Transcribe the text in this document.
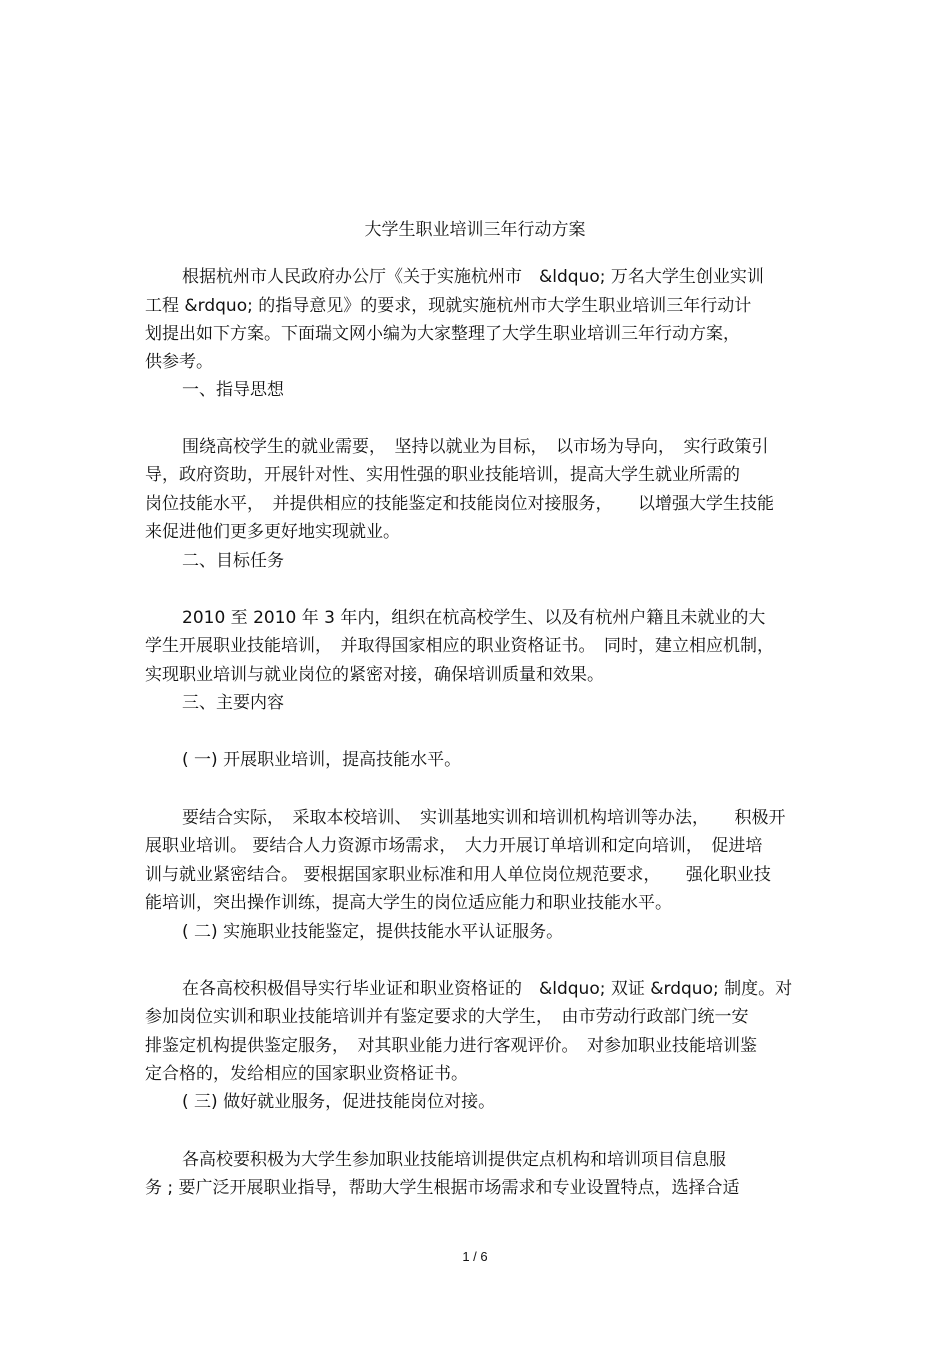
大学生职业培训三年行动方案
根据杭州市人民政府办公厅《关于实施杭州市　&ldquo; 万名大学生创业实训
工程 &rdquo; 的指导意见》的要求，现就实施杭州市大学生职业培训三年行动计
划提出如下方案。下面瑞文网小编为大家整理了大学生职业培训三年行动方案，
供参考。
一、指导思想
围绕高校学生的就业需要，　坚持以就业为目标，　以市场为导向，　实行政策引
导，政府资助，开展针对性、实用性强的职业技能培训，提高大学生就业所需的
岗位技能水平，　并提供相应的技能鉴定和技能岗位对接服务，　　以增强大学生技能
来促进他们更多更好地实现就业。
二、目标任务
2010 至 2010 年 3 年内，组织在杭高校学生、以及有杭州户籍且未就业的大
学生开展职业技能培训，　并取得国家相应的职业资格证书。　同时，建立相应机制，
实现职业培训与就业岗位的紧密对接，确保培训质量和效果。
三、主要内容
( 一) 开展职业培训，提高技能水平。
要结合实际，　采取本校培训、　实训基地实训和培训机构培训等办法，　　积极开
展职业培训。 要结合人力资源市场需求，　大力开展订单培训和定向培训，　促进培
训与就业紧密结合。 要根据国家职业标准和用人单位岗位规范要求，　　强化职业技
能培训，突出操作训练，提高大学生的岗位适应能力和职业技能水平。
( 二) 实施职业技能鉴定，提供技能水平认证服务。
在各高校积极倡导实行毕业证和职业资格证的　&ldquo; 双证 &rdquo; 制度。对
参加岗位实训和职业技能培训并有鉴定要求的大学生，　由市劳动行政部门统一安
排鉴定机构提供鉴定服务，　对其职业能力进行客观评价。　对参加职业技能培训鉴
定合格的，发给相应的国家职业资格证书。
( 三) 做好就业服务，促进技能岗位对接。
各高校要积极为大学生参加职业技能培训提供定点机构和培训项目信息服
务 ; 要广泛开展职业指导，帮助大学生根据市场需求和专业设置特点，选择合适
1 / 6
